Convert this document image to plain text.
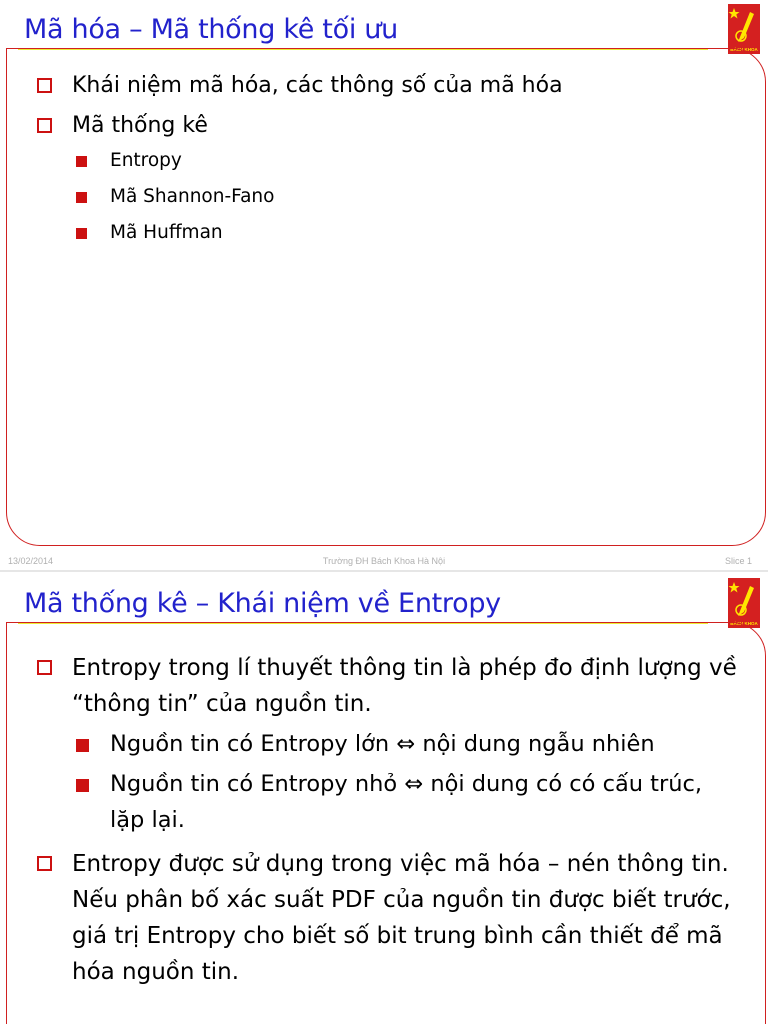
Mã hóa – Mã thống kê tối ưu
BÁCH KHOA
Khái niệm mã hóa, các thông số của mã hóa
Mã thống kê
Entropy
Mã Shannon-Fano
Mã Huffman
13/02/2014	Trường ĐH Bách Khoa Hà Nội	Slice 1
Mã thống kê – Khái niệm về Entropy
BÁCH KHOA
Entropy trong lí thuyết thông tin là phép đo định lượng về “thông tin” của nguồn tin.
Nguồn tin có Entropy lớn ⇔ nội dung ngẫu nhiên
Nguồn tin có Entropy nhỏ ⇔ nội dung có có cấu trúc, lặp lại.
Entropy được sử dụng trong việc mã hóa – nén thông tin. Nếu phân bố xác suất PDF của nguồn tin được biết trước, giá trị Entropy cho biết số bit trung bình cần thiết để mã hóa nguồn tin.
